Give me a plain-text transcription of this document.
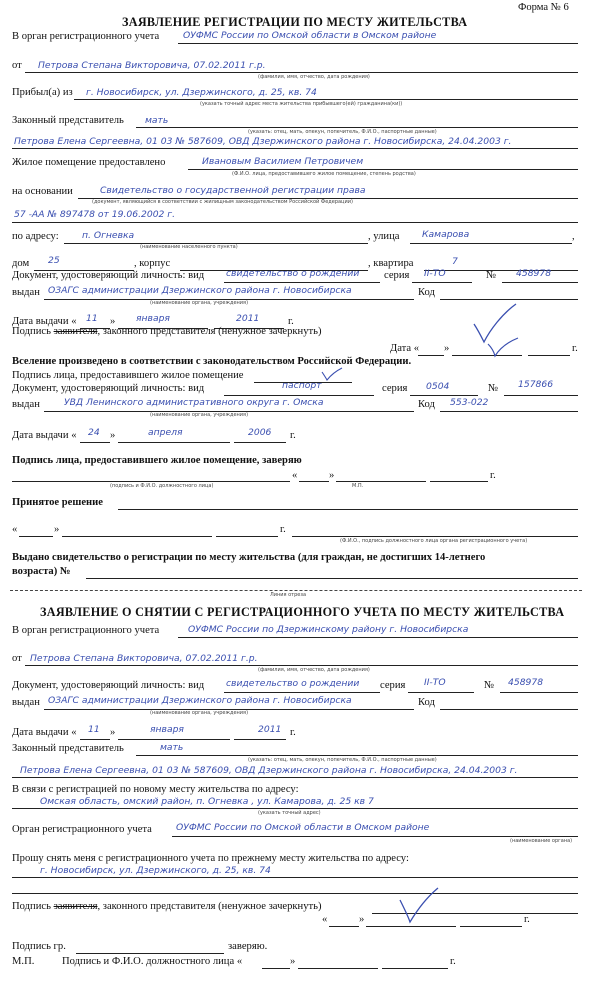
Форма № 6
ЗАЯВЛЕНИЕ РЕГИСТРАЦИИ ПО МЕСТУ ЖИТЕЛЬСТВА
В орган регистрационного учета	ОУФМС России по Омской области в Омском районе
от Петрова Степана Викторовича, 07.02.2011 г.р.
(фамилия, имя, отчество, дата рождения)
Прибыл(а) из г. Новосибирск, ул. Дзержинского, д. 25, кв. 74
(указать точный адрес места жительства прибывшего(ей) гражданина(ки))
Законный представитель мать
(указать: отец, мать, опекун, попечитель, Ф.И.О., паспортные данные)
Петрова Елена Сергеевна, 01 03 № 587609, ОВД Дзержинского района г. Новосибирска, 24.04.2003 г.
Жилое помещение предоставлено	Ивановым Василием Петровичем
(Ф.И.О. лица, предоставившего жилое помещение, степень родства)
на основании	Свидетельство о государственной регистрации права
(документ, являющийся в соответствии с жилищным законодательством Российской Федерации)
57 -АА № 897478 от 19.06.2002 г.
по адресу:	п. Огневка
(наименование населенного пункта)
, улица Камарова	,
дом 25	, корпус	, квартира	7
Документ, удостоверяющий личность: вид свидетельство о рождении серия II-ТО	№ 458978
выдан ОЗАГС администрации Дзержинского района г. Новосибирска
(наименование органа, учреждения)
Код
Дата выдачи « 11 » января	2011	г.
Подпись заявителя, законного представителя (ненужное зачеркнуть)
Дата « »	г.
Вселение произведено в соответствии с законодательством Российской Федерации.
Подпись лица, предоставившего жилое помещение
Документ, удостоверяющий личность: вид	паспорт	серия 0504	№ 157866
выдан	УВД Ленинского административного округа г. Омска
(наименование органа, учреждения)
Код 553-022
Дата выдачи « 24 »	апреля	2006 г.
Подпись лица, предоставившего жилое помещение, заверяю
(подпись и Ф.И.О. должностного лица)
«	»	г.
М.П.
Принятое решение
«	»	г.
(Ф.И.О., подпись должностного лица органа регистрационного учета)
Выдано свидетельство о регистрации по месту жительства (для граждан, не достигших 14-летнего
возраста) №
Линия отреза
ЗАЯВЛЕНИЕ О СНЯТИИ С РЕГИСТРАЦИОННОГО УЧЕТА ПО МЕСТУ ЖИТЕЛЬСТВА
В орган регистрационного учета	ОУФМС России по Дзержинскому району г. Новосибирска
от Петрова Степана Викторовича, 07.02.2011 г.р.
(фамилия, имя, отчество, дата рождения)
Документ, удостоверяющий личность: вид свидетельство о рождении серия II-ТО	№ 458978
выдан ОЗАГС администрации Дзержинского района г. Новосибирска
(наименование органа, учреждения)
Код
Дата выдачи « 11 »	января	2011 г.
Законный представитель	мать
(указать: отец, мать, опекун, попечитель, Ф.И.О., паспортные данные)
Петрова Елена Сергеевна, 01 03 № 587609, ОВД Дзержинского района г. Новосибирска, 24.04.2003 г.
В связи с регистрацией по новому месту жительства по адресу:
Омская область, омский район, п. Огневка , ул. Камарова, д. 25 кв 7
(указать точный адрес)
Орган регистрационного учета	ОУФМС России по Омской области в Омском районе
(наименование органа)
Прошу снять меня с регистрационного учета по прежнему месту жительства по адресу:
г. Новосибирск, ул. Дзержинского, д. 25, кв. 74
Подпись заявителя, законного представителя (ненужное зачеркнуть)
«	»	г.
Подпись гр.	заверяю.
М.П.	Подпись и Ф.И.О. должностного лица «	»	г.
